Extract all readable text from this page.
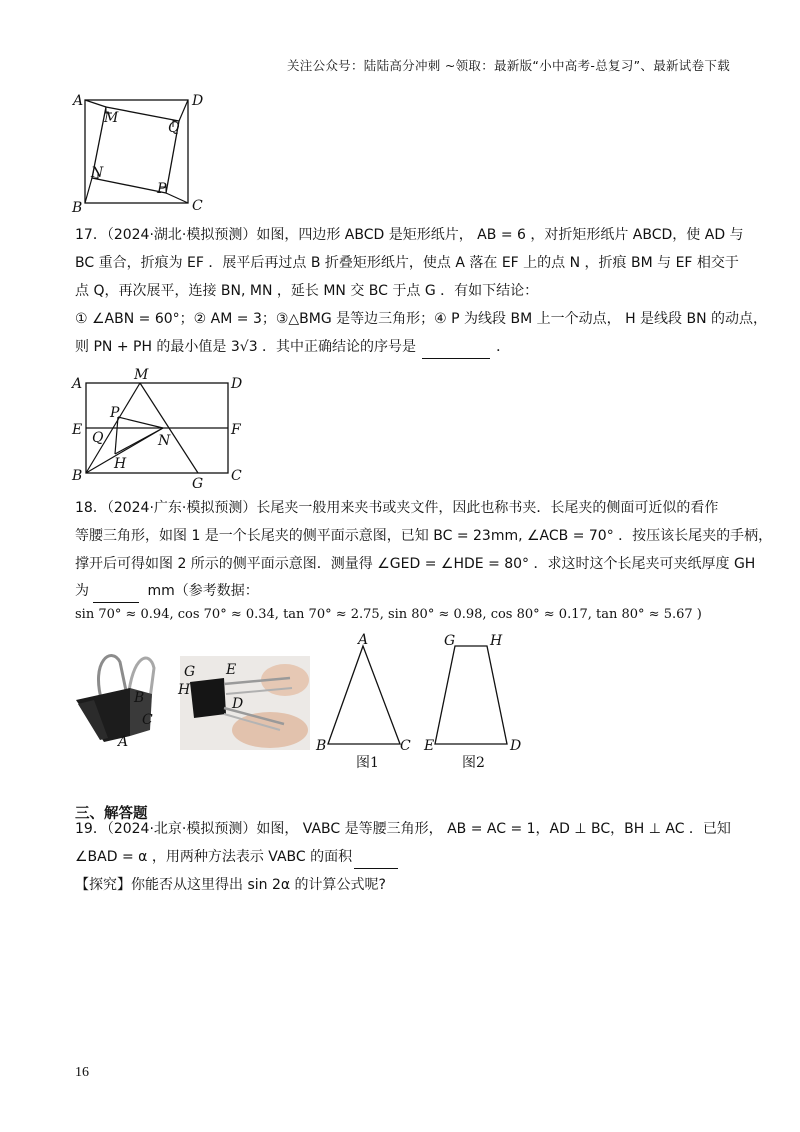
关注公众号：陆陆高分冲刺 ~领取：最新版“小中高考-总复习”、最新试卷下载
A	D
M
Q
N
P
B	C
17．（2024·湖北·模拟预测）如图，四边形 ABCD 是矩形纸片， AB = 6 ，对折矩形纸片 ABCD，使 AD 与
BC 重合，折痕为 EF ．展平后再过点 B 折叠矩形纸片，使点 A 落在 EF 上的点 N ，折痕 BM 与 EF 相交于
点 Q，再次展平，连接 BN, MN ，延长 MN 交 BC 于点 G ．有如下结论：
① ∠ABN = 60°；② AM = 3；③△BMG 是等边三角形；④ P 为线段 BM 上一个动点， H 是线段 BN 的动点，
则 PN + PH 的最小值是 3√3 ．其中正确结论的序号是	．
A
M
D
P
E Q	N
F
H
B	G C
18．（2024·广东·模拟预测）长尾夹一般用来夹书或夹文件，因此也称书夹．长尾夹的侧面可近似的看作
等腰三角形，如图 1 是一个长尾夹的侧平面示意图，已知 BC = 23mm, ∠ACB = 70° ．按压该长尾夹的手柄，
撑开后可得如图 2 所示的侧平面示意图．测量得 ∠GED = ∠HDE = 80° ．求这时这个长尾夹可夹纸厚度 GH
为	mm（参考数据：
sin 70° ≈ 0.94, cos 70° ≈ 0.34, tan 70° ≈ 2.75, sin 80° ≈ 0.98, cos 80° ≈ 0.17, tan 80° ≈ 5.67 )
B
C
A
G E
H
D
A
B	C
图1
G H
E	D
图2
三、解答题
19．（2024·北京·模拟预测）如图， VABC 是等腰三角形， AB = AC = 1，AD ⊥ BC，BH ⊥ AC ．已知
∠BAD = α ，用两种方法表示 VABC 的面积
【探究】你能否从这里得出 sin 2α 的计算公式呢?
16
